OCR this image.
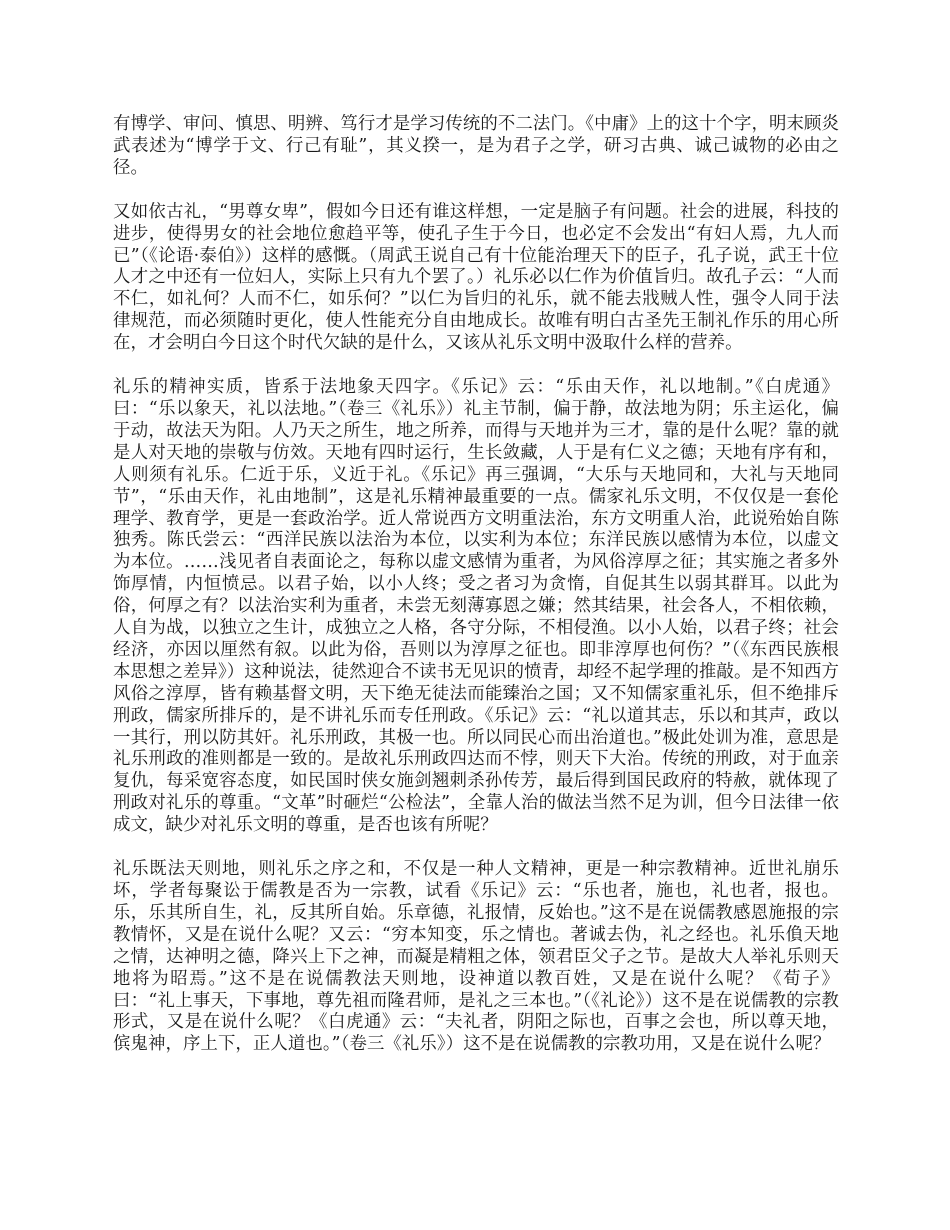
有博学、审问、慎思、明辨、笃行才是学习传统的不二法门。《中庸》上的这十个字，明末顾炎武表述为“博学于文、行己有耻”，其义揆一，是为君子之学，研习古典、诚己诚物的必由之径。

又如依古礼，“男尊女卑”，假如今日还有谁这样想，一定是脑子有问题。社会的进展，科技的进步，使得男女的社会地位愈趋平等，使孔子生于今日，也必定不会发出“有妇人焉，九人而已”（《论语·泰伯》）这样的感慨。（周武王说自己有十位能治理天下的臣子，孔子说，武王十位人才之中还有一位妇人，实际上只有九个罢了。）礼乐必以仁作为价值旨归。故孔子云：“人而不仁，如礼何？人而不仁，如乐何？”以仁为旨归的礼乐，就不能去戕贼人性，强令人同于法律规范，而必须随时更化，使人性能充分自由地成长。故唯有明白古圣先王制礼作乐的用心所在，才会明白今日这个时代欠缺的是什么，又该从礼乐文明中汲取什么样的营养。

礼乐的精神实质，皆系于法地象天四字。《乐记》云：“乐由天作，礼以地制。”《白虎通》曰：“乐以象天，礼以法地。”（卷三《礼乐》）礼主节制，偏于静，故法地为阴；乐主运化，偏于动，故法天为阳。人乃天之所生，地之所养，而得与天地并为三才，靠的是什么呢？靠的就是人对天地的崇敬与仿效。天地有四时运行，生长敛藏，人于是有仁义之德；天地有序有和，人则须有礼乐。仁近于乐，义近于礼。《乐记》再三强调，“大乐与天地同和，大礼与天地同节”，“乐由天作，礼由地制”，这是礼乐精神最重要的一点。儒家礼乐文明，不仅仅是一套伦理学、教育学，更是一套政治学。近人常说西方文明重法治，东方文明重人治，此说殆始自陈独秀。陈氏尝云：“西洋民族以法治为本位，以实利为本位；东洋民族以感情为本位，以虚文为本位。……浅见者自表面论之，每称以虚文感情为重者，为风俗淳厚之征；其实施之者多外饰厚情，内恒愤忌。以君子始，以小人终；受之者习为贪惰，自促其生以弱其群耳。以此为俗，何厚之有？以法治实利为重者，未尝无刻薄寡恩之嫌；然其结果，社会各人，不相依赖，人自为战，以独立之生计，成独立之人格，各守分际，不相侵渔。以小人始，以君子终；社会经济，亦因以厘然有叙。以此为俗，吾则以为淳厚之征也。即非淳厚也何伤？”（《东西民族根本思想之差异》）这种说法，徒然迎合不读书无见识的愤青，却经不起学理的推敲。是不知西方风俗之淳厚，皆有赖基督文明，天下绝无徒法而能臻治之国；又不知儒家重礼乐，但不绝排斥刑政，儒家所排斥的，是不讲礼乐而专任刑政。《乐记》云：“礼以道其志，乐以和其声，政以一其行，刑以防其奸。礼乐刑政，其极一也。所以同民心而出治道也。”极此处训为准，意思是礼乐刑政的准则都是一致的。是故礼乐刑政四达而不悖，则天下大治。传统的刑政，对于血亲复仇，每采宽容态度，如民国时侠女施剑翘刺杀孙传芳，最后得到国民政府的特赦，就体现了刑政对礼乐的尊重。“文革”时砸烂“公检法”，全靠人治的做法当然不足为训，但今日法律一依成文，缺少对礼乐文明的尊重，是否也该有所呢？

礼乐既法天则地，则礼乐之序之和，不仅是一种人文精神，更是一种宗教精神。近世礼崩乐坏，学者每聚讼于儒教是否为一宗教，试看《乐记》云：“乐也者，施也，礼也者，报也。乐，乐其所自生，礼，反其所自始。乐章德，礼报情，反始也。”这不是在说儒教感恩施报的宗教情怀，又是在说什么呢？又云：“穷本知变，乐之情也。著诚去伪，礼之经也。礼乐偩天地之情，达神明之德，降兴上下之神，而凝是精粗之体，领君臣父子之节。是故大人举礼乐则天地将为昭焉。”这不是在说儒教法天则地，设神道以教百姓，又是在说什么呢？《荀子》曰：“礼上事天，下事地，尊先祖而隆君师，是礼之三本也。”（《礼论》）这不是在说儒教的宗教形式，又是在说什么呢？《白虎通》云：“夫礼者，阴阳之际也，百事之会也，所以尊天地，傧鬼神，序上下，正人道也。”（卷三《礼乐》）这不是在说儒教的宗教功用，又是在说什么呢？
